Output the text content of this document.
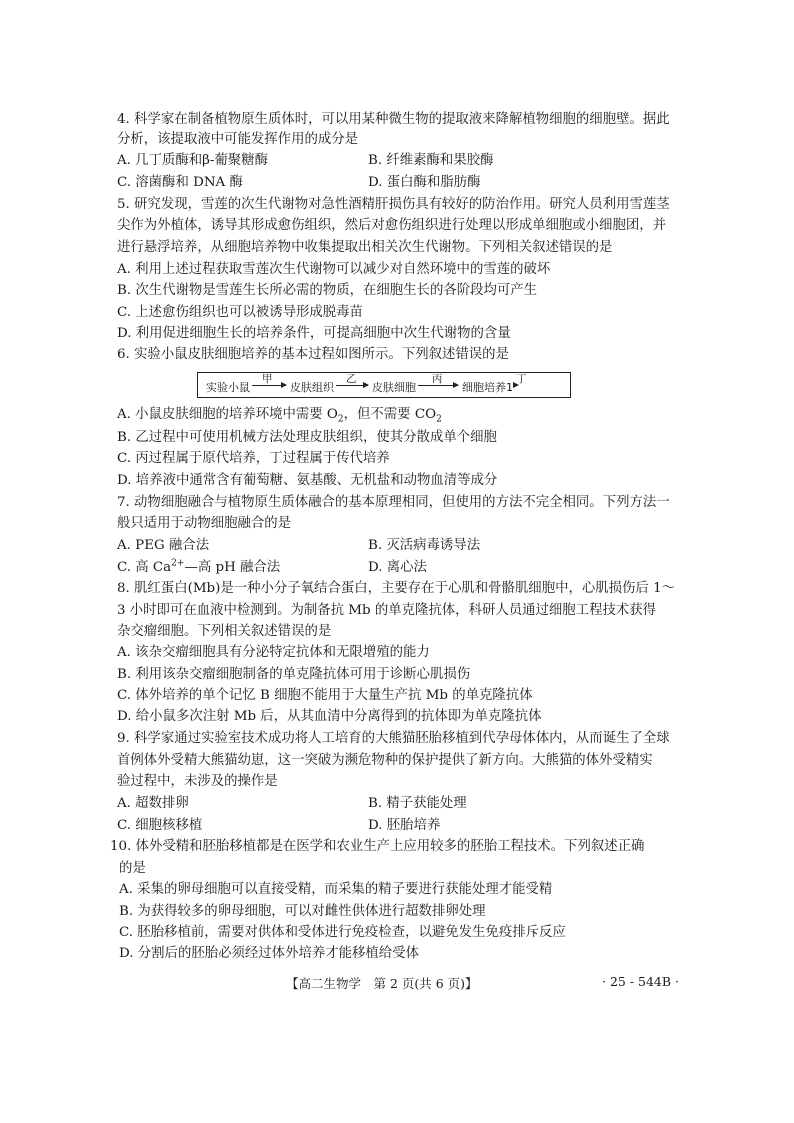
4. 科学家在制备植物原生质体时，可以用某种微生物的提取液来降解植物细胞的细胞壁。据此
分析，该提取液中可能发挥作用的成分是
A. 几丁质酶和β-葡聚糖酶	B. 纤维素酶和果胶酶
C. 溶菌酶和 DNA 酶	D. 蛋白酶和脂肪酶
5. 研究发现，雪莲的次生代谢物对急性酒精肝损伤具有较好的防治作用。研究人员利用雪莲茎
尖作为外植体，诱导其形成愈伤组织，然后对愈伤组织进行处理以形成单细胞或小细胞团，并
进行悬浮培养，从细胞培养物中收集提取出相关次生代谢物。下列相关叙述错误的是
A. 利用上述过程获取雪莲次生代谢物可以减少对自然环境中的雪莲的破坏
B. 次生代谢物是雪莲生长所必需的物质，在细胞生长的各阶段均可产生
C. 上述愈伤组织也可以被诱导形成脱毒苗
D. 利用促进细胞生长的培养条件，可提高细胞中次生代谢物的含量
6. 实验小鼠皮肤细胞培养的基本过程如图所示。下列叙述错误的是
实验小鼠
甲
皮肤组织
乙
皮肤细胞
丙
细胞培养1
丁
A. 小鼠皮肤细胞的培养环境中需要 $O_2$，但不需要 $CO_2$
B. 乙过程中可使用机械方法处理皮肤组织，使其分散成单个细胞
C. 丙过程属于原代培养，丁过程属于传代培养
D. 培养液中通常含有葡萄糖、氨基酸、无机盐和动物血清等成分
7. 动物细胞融合与植物原生质体融合的基本原理相同，但使用的方法不完全相同。下列方法一
般只适用于动物细胞融合的是
A. PEG 融合法	B. 灭活病毒诱导法
C. 高 $Ca^{2+}—$高 pH 融合法	D. 离心法
8. 肌红蛋白(Mb)是一种小分子氧结合蛋白，主要存在于心肌和骨骼肌细胞中，心肌损伤后 1～
3 小时即可在血液中检测到。为制备抗 Mb 的单克隆抗体，科研人员通过细胞工程技术获得
杂交瘤细胞。下列相关叙述错误的是
A. 该杂交瘤细胞具有分泌特定抗体和无限增殖的能力
B. 利用该杂交瘤细胞制备的单克隆抗体可用于诊断心肌损伤
C. 体外培养的单个记忆 B 细胞不能用于大量生产抗 Mb 的单克隆抗体
D. 给小鼠多次注射 Mb 后，从其血清中分离得到的抗体即为单克隆抗体
9. 科学家通过实验室技术成功将人工培育的大熊猫胚胎移植到代孕母体体内，从而诞生了全球
首例体外受精大熊猫幼崽，这一突破为濒危物种的保护提供了新方向。大熊猫的体外受精实
验过程中，未涉及的操作是
A. 超数排卵	B. 精子获能处理
C. 细胞核移植	D. 胚胎培养
10. 体外受精和胚胎移植都是在医学和农业生产上应用较多的胚胎工程技术。下列叙述正确
的是
A. 采集的卵母细胞可以直接受精，而采集的精子要进行获能处理才能受精
B. 为获得较多的卵母细胞，可以对雌性供体进行超数排卵处理
C. 胚胎移植前，需要对供体和受体进行免疫检查，以避免发生免疫排斥反应
D. 分割后的胚胎必须经过体外培养才能移植给受体
【高二生物学　第 2 页(共 6 页)】	· 25 - 544B ·
